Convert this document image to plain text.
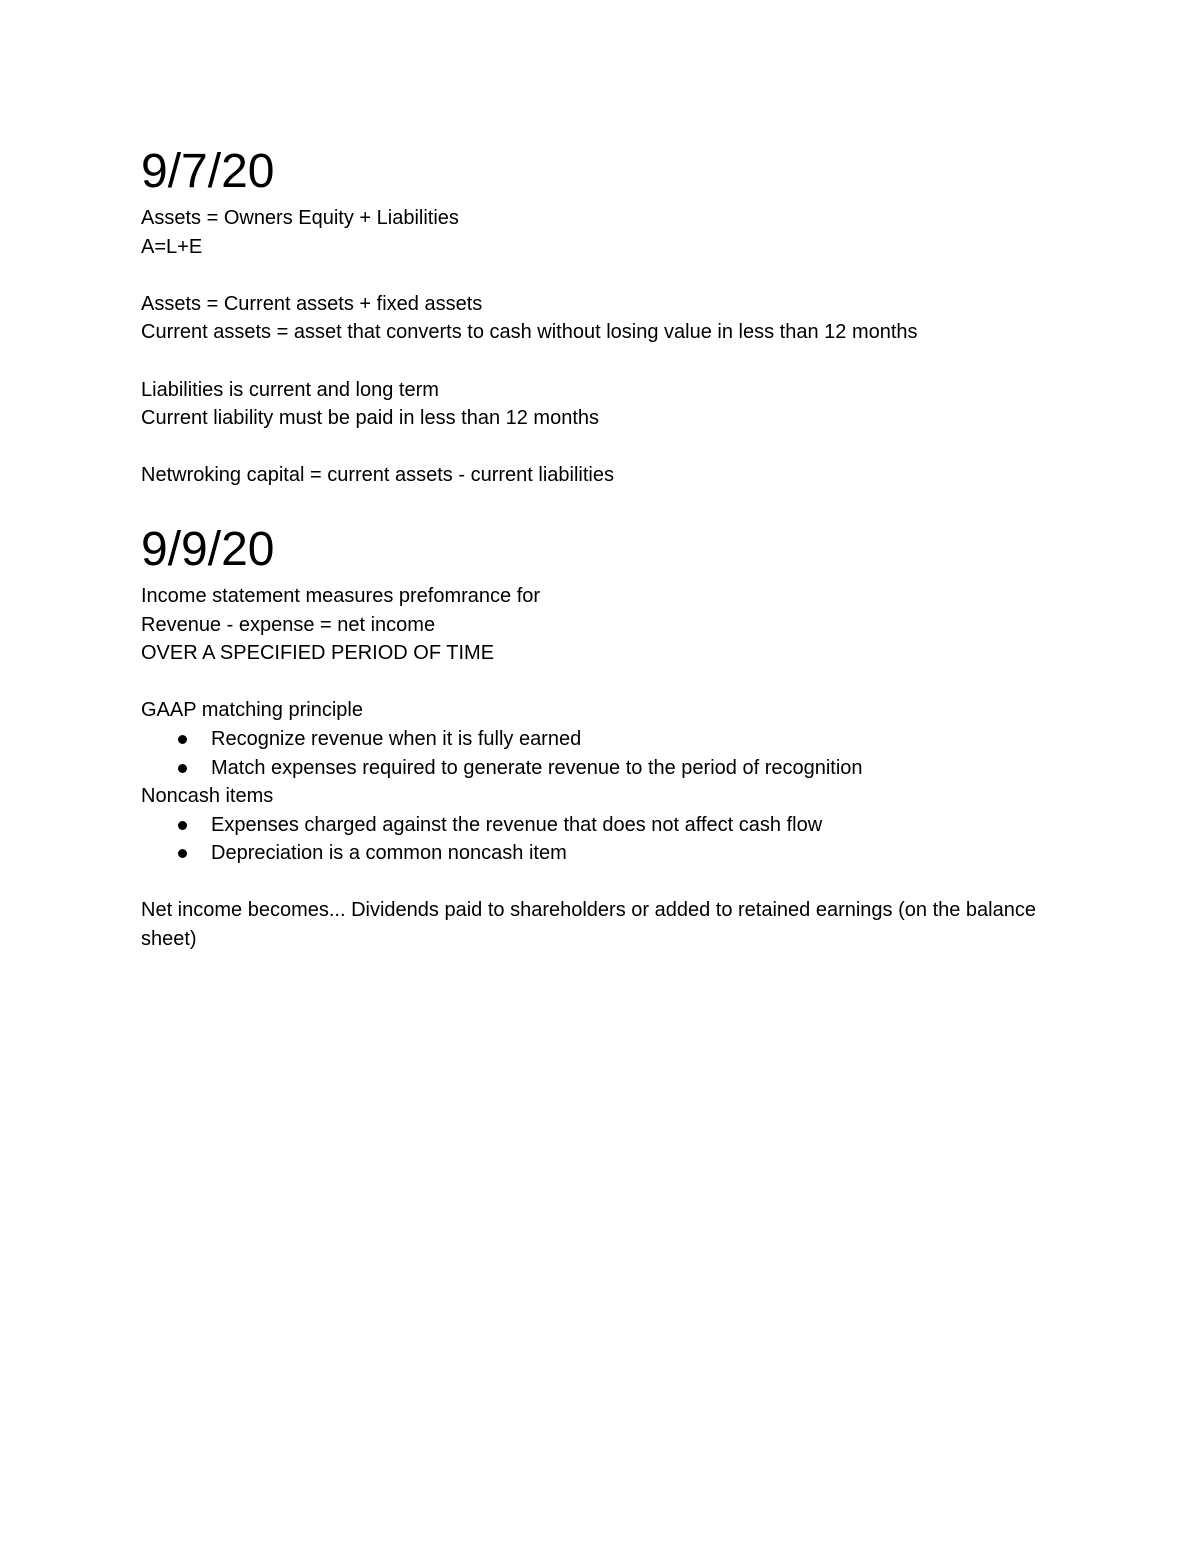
9/7/20

Assets = Owners Equity + Liabilities

A=L+E

Assets = Current assets + fixed assets

Current assets = asset that converts to cash without losing value in less than 12 months

Liabilities is current and long term

Current liability must be paid in less than 12 months

Netwroking capital = current assets - current liabilities

9/9/20

Income statement measures prefomrance for

Revenue - expense = net income

OVER A SPECIFIED PERIOD OF TIME

GAAP matching principle

Recognize revenue when it is fully earned
Match expenses required to generate revenue to the period of recognition

Noncash items

Expenses charged against the revenue that does not affect cash flow
Depreciation is a common noncash item

Net income becomes... Dividends paid to shareholders or added to retained earnings (on the balance sheet)
